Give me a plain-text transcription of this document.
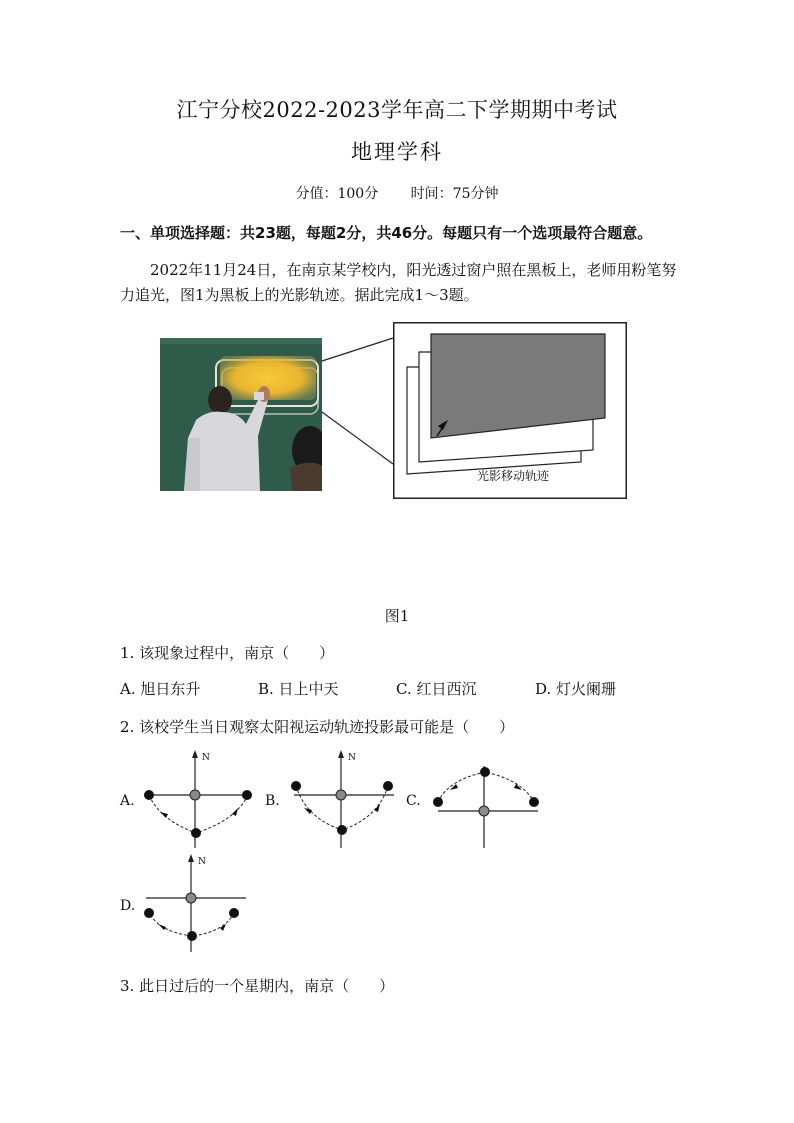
江宁分校2022-2023学年高二下学期期中考试
地理学科
分值：100分 时间：75分钟
一、单项选择题：共23题，每题2分，共46分。每题只有一个选项最符合题意。
2022年11月24日，在南京某学校内，阳光透过窗户照在黑板上，老师用粉笔努力追光，图1为黑板上的光影轨迹。据此完成1～3题。
光影移动轨迹
图1
1. 该现象过程中，南京（　　）
A. 旭日东升	B. 日上中天	C. 红日西沉	D. 灯火阑珊
2. 该校学生当日观察太阳视运动轨迹投影最可能是（　　）
A.
N
B.
N
C.
D.
N
3. 此日过后的一个星期内，南京（　　）
